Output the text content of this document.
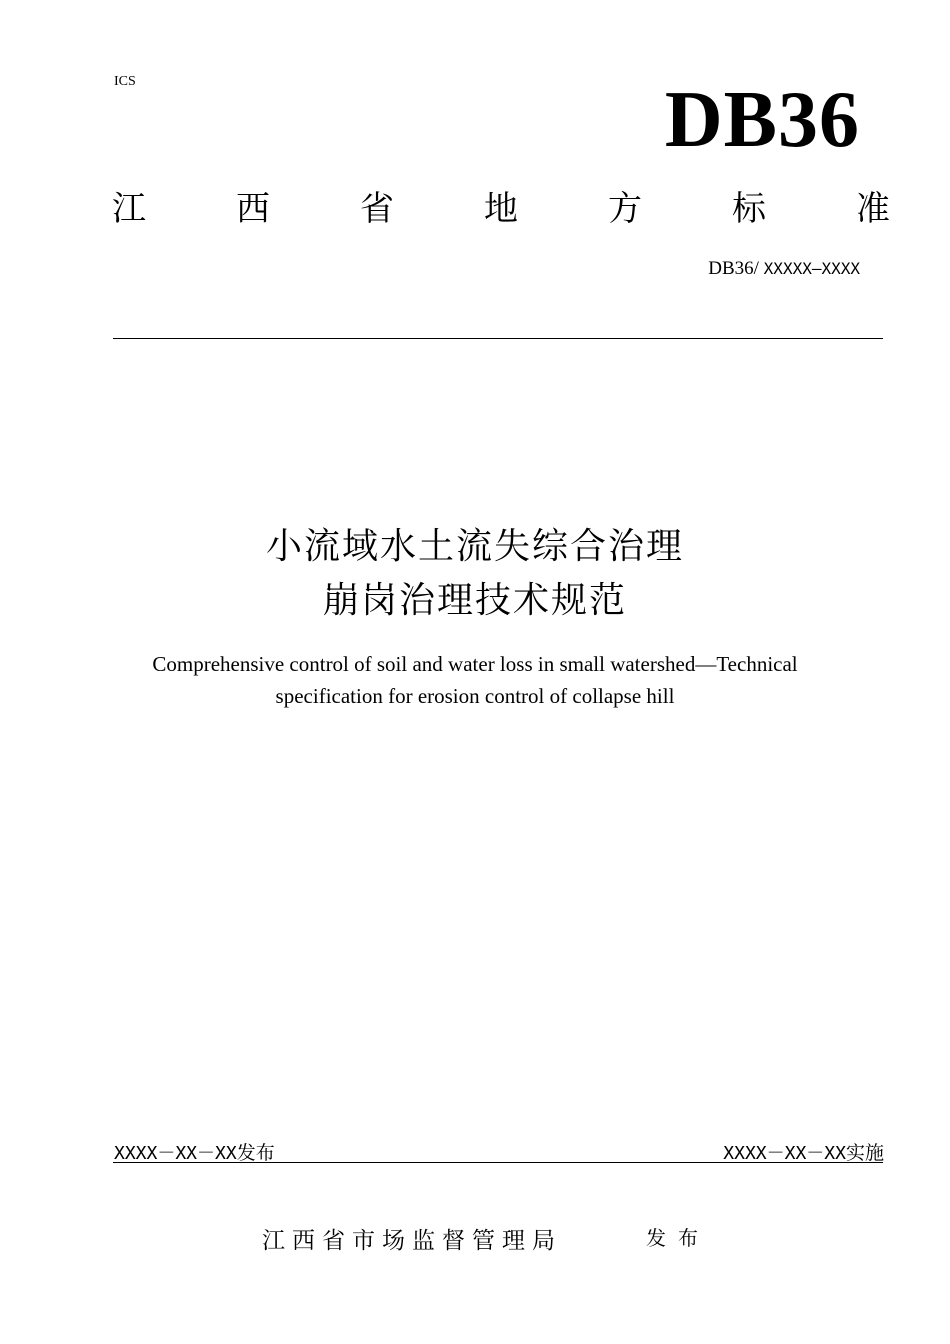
ICS	DB36
江	西	省	地	方	标	准
DB36/ XXXXX—XXXX
小流域水土流失综合治理
崩岗治理技术规范
Comprehensive control of soil and water loss in small watershed—Technical
specification for erosion control of collapse hill
XXXX－XX－XX发布	XXXX－XX－XX实施
江西省市场监督管理局	发布
